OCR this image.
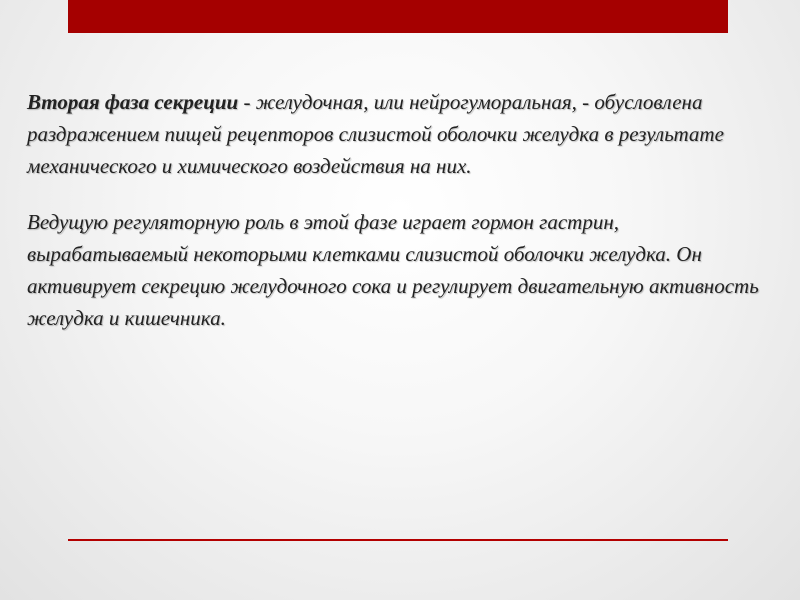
Вторая фаза секреции - желудочная, или нейрогуморальная, - обусловлена раздражением пищей рецепторов слизистой оболочки желудка в результате механического и химического воздействия на них.

Ведущую регуляторную роль в этой фазе играет гормон гастрин, вырабатываемый некоторыми клетками слизистой оболочки желудка. Он активирует секрецию желудочного сока и регулирует двигательную активность желудка и кишечника.
